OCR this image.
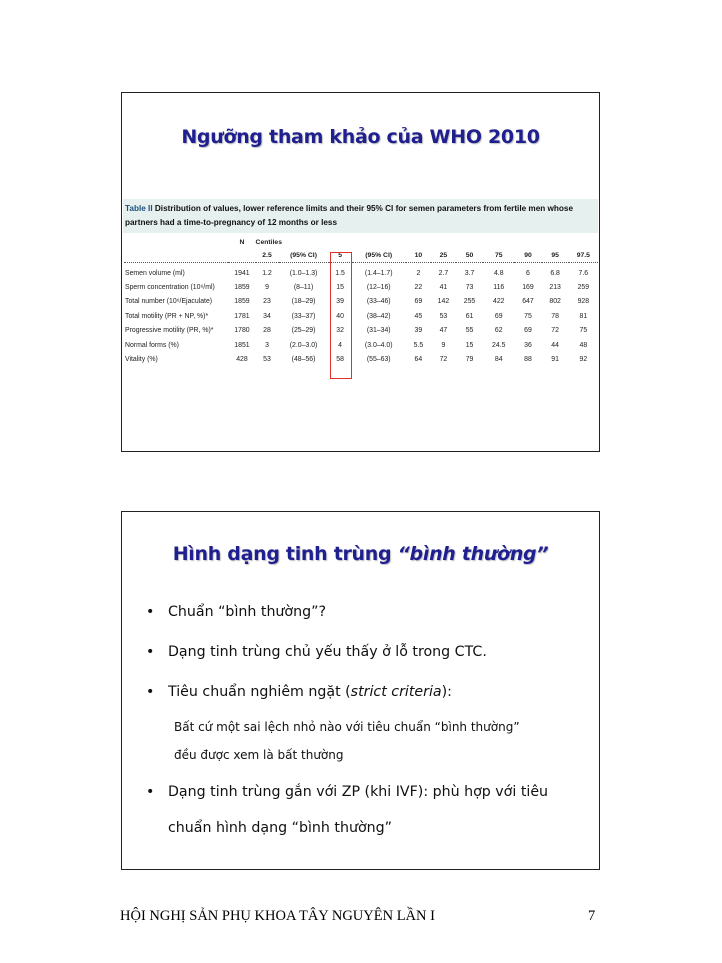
Ngưỡng tham khảo của WHO 2010
Table II Distribution of values, lower reference limits and their 95% CI for semen parameters from fertile men whose partners had a time-to-pregnancy of 12 months or less
	N	Centiles										
		2.5	(95% CI)	5	(95% CI)	10	25	50	75	90	95	97.5
Semen volume (ml)	1941	1.2	(1.0–1.3)	1.5	(1.4–1.7)	2	2.7	3.7	4.8	6	6.8	7.6
Sperm concentration (10⁶/ml)	1859	9	(8–11)	15	(12–16)	22	41	73	116	169	213	259
Total number (10⁶/Ejaculate)	1859	23	(18–29)	39	(33–46)	69	142	255	422	647	802	928
Total motility (PR + NP, %)*	1781	34	(33–37)	40	(38–42)	45	53	61	69	75	78	81
Progressive motility (PR, %)*	1780	28	(25–29)	32	(31–34)	39	47	55	62	69	72	75
Normal forms (%)	1851	3	(2.0–3.0)	4	(3.0–4.0)	5.5	9	15	24.5	36	44	48
Vitality (%)	428	53	(48–56)	58	(55–63)	64	72	79	84	88	91	92
Hình dạng tinh trùng “bình thường”
• Chuẩn “bình thường”?
• Dạng tinh trùng chủ yếu thấy ở lỗ trong CTC.
• Tiêu chuẩn nghiêm ngặt (strict criteria):
Bất cứ một sai lệch nhỏ nào với tiêu chuẩn “bình thường”
đều được xem là bất thường
• Dạng tinh trùng gắn với ZP (khi IVF): phù hợp với tiêu
chuẩn hình dạng “bình thường”
HỘI NGHỊ SẢN PHỤ KHOA TÂY NGUYÊN LẦN I	7
